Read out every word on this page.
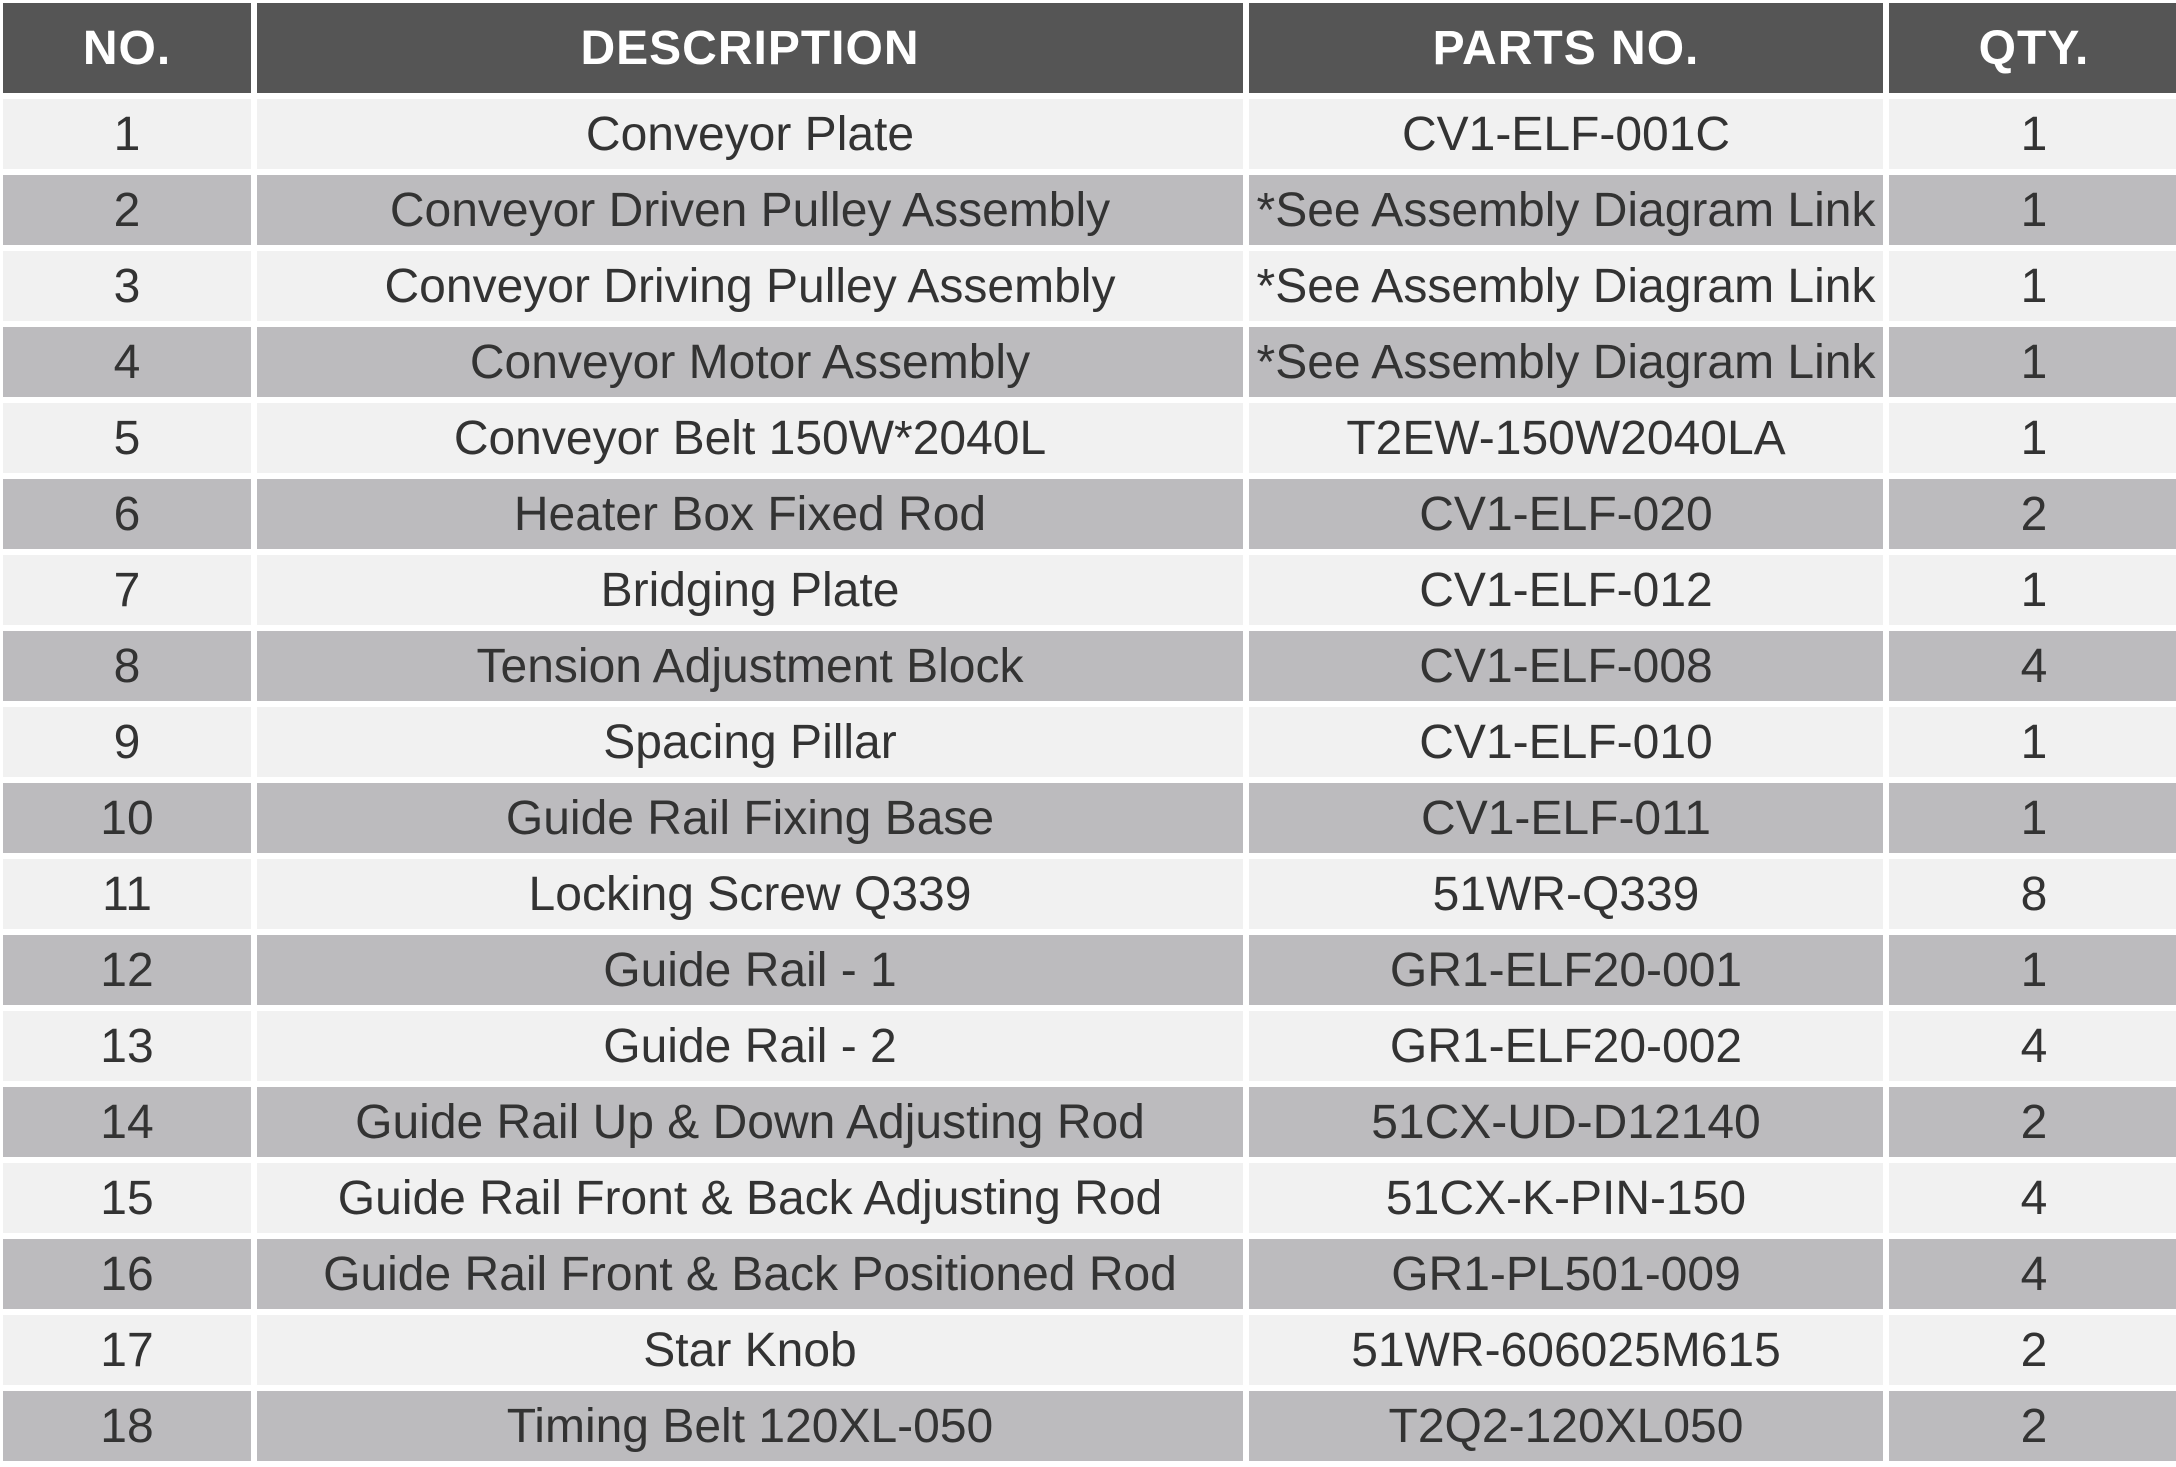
NO.	DESCRIPTION	PARTS NO.	QTY.
1	Conveyor Plate	CV1-ELF-001C	1
2	Conveyor Driven Pulley Assembly	*See Assembly Diagram Link	1
3	Conveyor Driving Pulley Assembly	*See Assembly Diagram Link	1
4	Conveyor Motor Assembly	*See Assembly Diagram Link	1
5	Conveyor Belt 150W*2040L	T2EW-150W2040LA	1
6	Heater Box Fixed Rod	CV1-ELF-020	2
7	Bridging Plate	CV1-ELF-012	1
8	Tension Adjustment Block	CV1-ELF-008	4
9	Spacing Pillar	CV1-ELF-010	1
10	Guide Rail Fixing Base	CV1-ELF-011	1
11	Locking Screw Q339	51WR-Q339	8
12	Guide Rail - 1	GR1-ELF20-001	1
13	Guide Rail - 2	GR1-ELF20-002	4
14	Guide Rail Up & Down Adjusting Rod	51CX-UD-D12140	2
15	Guide Rail Front & Back Adjusting Rod	51CX-K-PIN-150	4
16	Guide Rail Front & Back Positioned Rod	GR1-PL501-009	4
17	Star Knob	51WR-606025M615	2
18	Timing Belt 120XL-050	T2Q2-120XL050	2
